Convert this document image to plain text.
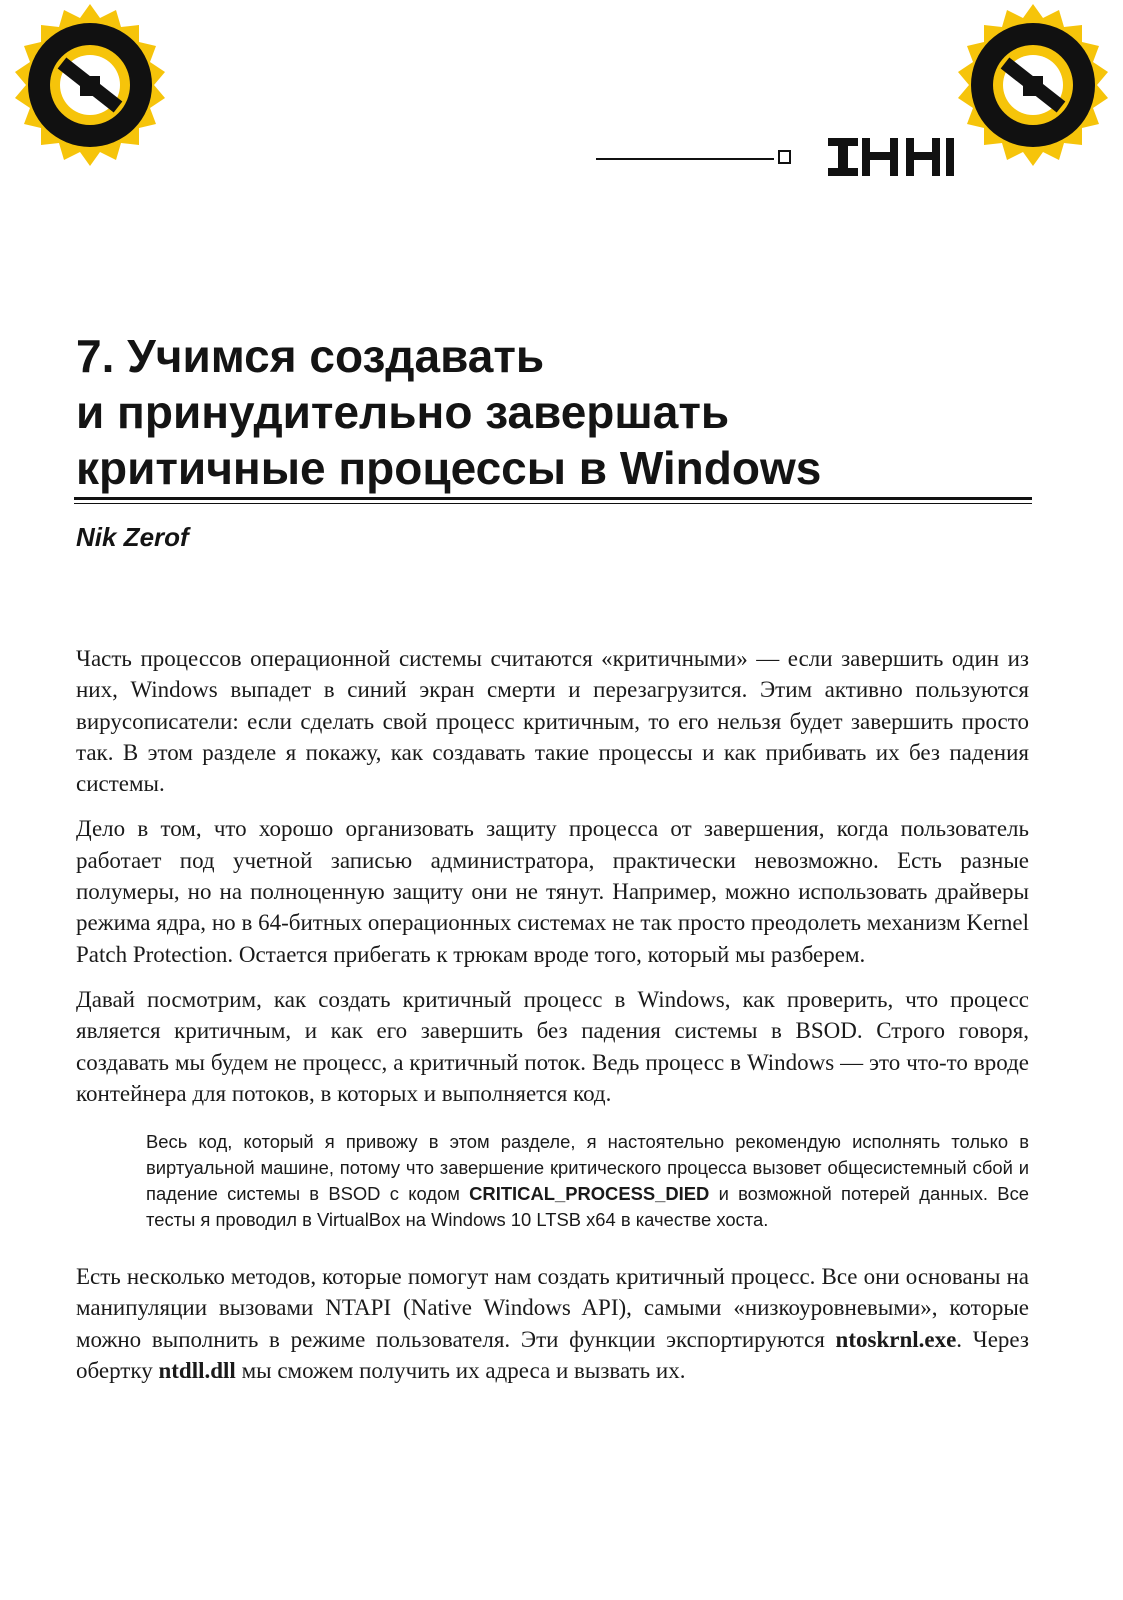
7. Учимся создавать
и принудительно завершать
критичные процессы в Windows

Nik Zerof

Часть процессов операционной системы считаются «критичными» — если завершить один из них, Windows выпадет в синий экран смерти и перезагрузится. Этим активно пользуются вирусописатели: если сделать свой процесс критичным, то его нельзя будет завершить просто так. В этом разделе я покажу, как создавать такие процессы и как прибивать их без падения системы.

Дело в том, что хорошо организовать защиту процесса от завершения, когда пользователь работает под учетной записью администратора, практически невозможно. Есть разные полумеры, но на полноценную защиту они не тянут. Например, можно использовать драйверы режима ядра, но в 64-битных операционных системах не так просто преодолеть механизм Kernel Patch Protection. Остается прибегать к трюкам вроде того, который мы разберем.

Давай посмотрим, как создать критичный процесс в Windows, как проверить, что процесс является критичным, и как его завершить без падения системы в BSOD. Строго говоря, создавать мы будем не процесс, а критичный поток. Ведь процесс в Windows — это что-то вроде контейнера для потоков, в которых и выполняется код.

Весь код, который я привожу в этом разделе, я настоятельно рекомендую исполнять только в виртуальной машине, потому что завершение критического процесса вызовет общесистемный сбой и падение системы в BSOD с кодом CRITICAL_PROCESS_DIED и возможной потерей данных. Все тесты я проводил в VirtualBox на Windows 10 LTSB x64 в качестве хоста.

Есть несколько методов, которые помогут нам создать критичный процесс. Все они основаны на манипуляции вызовами NTAPI (Native Windows API), самыми «низкоуровневыми», которые можно выполнить в режиме пользователя. Эти функции экспортируются ntoskrnl.exe. Через обертку ntdll.dll мы сможем получить их адреса и вызвать их.
